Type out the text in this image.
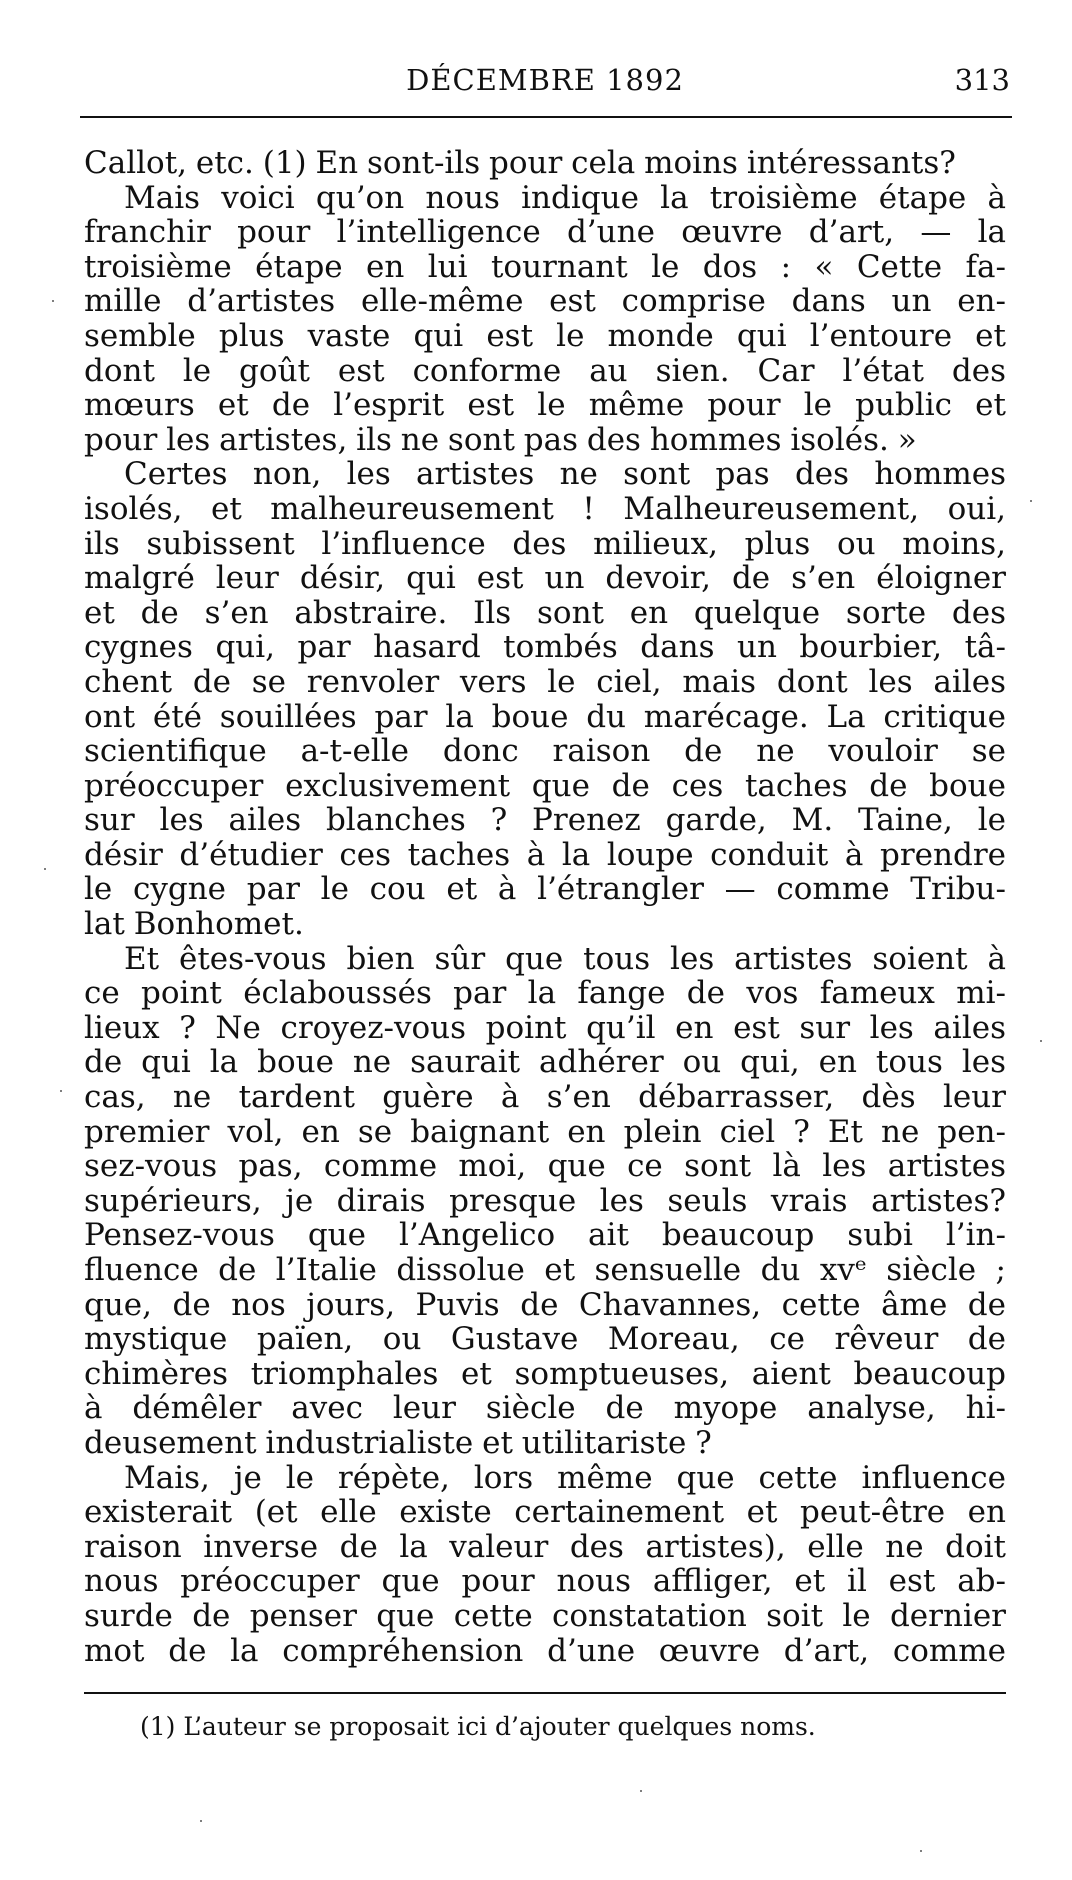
DÉCEMBRE 1892	313
Callot, etc. (1) En sont-ils pour cela moins intéressants?
Mais voici qu’on nous indique la troisième étape à
franchir pour l’intelligence d’une œuvre d’art, — la
troisième étape en lui tournant le dos : « Cette fa-
mille d’artistes elle-même est comprise dans un en-
semble plus vaste qui est le monde qui l’entoure et
dont le goût est conforme au sien. Car l’état des
mœurs et de l’esprit est le même pour le public et
pour les artistes, ils ne sont pas des hommes isolés. »
Certes non, les artistes ne sont pas des hommes
isolés, et malheureusement ! Malheureusement, oui,
ils subissent l’influence des milieux, plus ou moins,
malgré leur désir, qui est un devoir, de s’en éloigner
et de s’en abstraire. Ils sont en quelque sorte des
cygnes qui, par hasard tombés dans un bourbier, tâ-
chent de se renvoler vers le ciel, mais dont les ailes
ont été souillées par la boue du marécage. La critique
scientifique a-t-elle donc raison de ne vouloir se
préoccuper exclusivement que de ces taches de boue
sur les ailes blanches ? Prenez garde, M. Taine, le
désir d’étudier ces taches à la loupe conduit à prendre
le cygne par le cou et à l’étrangler — comme Tribu-
lat Bonhomet.
Et êtes-vous bien sûr que tous les artistes soient à
ce point éclaboussés par la fange de vos fameux mi-
lieux ? Ne croyez-vous point qu’il en est sur les ailes
de qui la boue ne saurait adhérer ou qui, en tous les
cas, ne tardent guère à s’en débarrasser, dès leur
premier vol, en se baignant en plein ciel ? Et ne pen-
sez-vous pas, comme moi, que ce sont là les artistes
supérieurs, je dirais presque les seuls vrais artistes?
Pensez-vous que l’Angelico ait beaucoup subi l’in-
fluence de l’Italie dissolue et sensuelle du xvᵉ siècle ;
que, de nos jours, Puvis de Chavannes, cette âme de
mystique païen, ou Gustave Moreau, ce rêveur de
chimères triomphales et somptueuses, aient beaucoup
à démêler avec leur siècle de myope analyse, hi-
deusement industrialiste et utilitariste ?
Mais, je le répète, lors même que cette influence
existerait (et elle existe certainement et peut-être en
raison inverse de la valeur des artistes), elle ne doit
nous préoccuper que pour nous affliger, et il est ab-
surde de penser que cette constatation soit le dernier
mot de la compréhension d’une œuvre d’art, comme
(1) L’auteur se proposait ici d’ajouter quelques noms.
